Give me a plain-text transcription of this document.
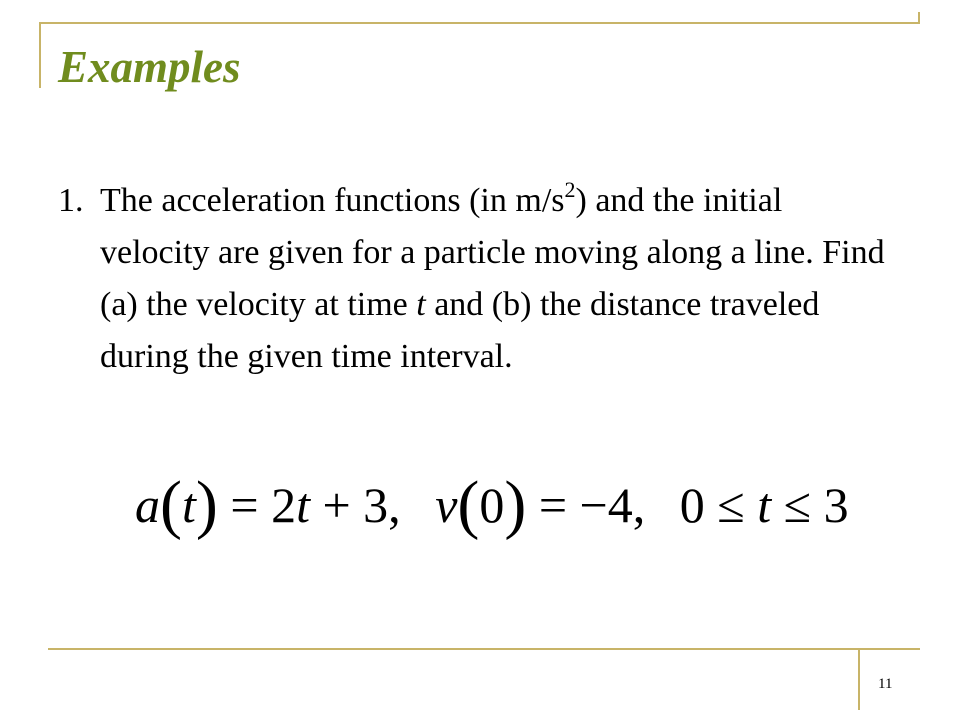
Examples
1. The acceleration functions (in $m/s^2$) and the initial velocity are given for a particle moving along a line. Find (a) the velocity at time t and (b) the distance traveled during the given time interval.
a(t) = 2t + 3, v(0) = −4, 0 ≤ t ≤ 3
11
